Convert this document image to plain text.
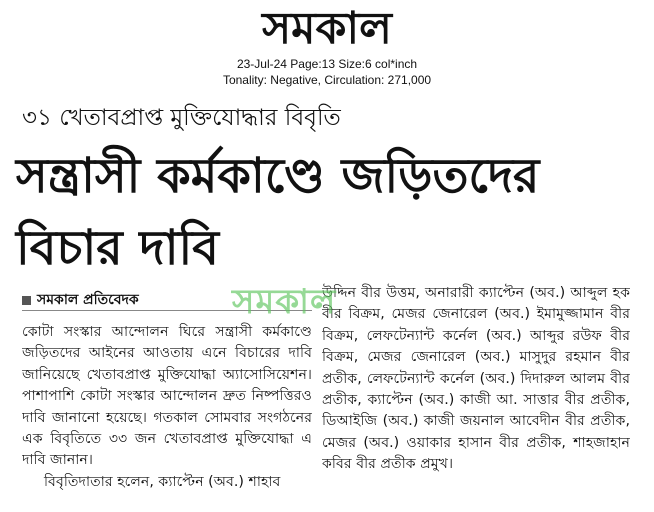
সমকাল
23-Jul-24 Page:13 Size:6 col*inch
Tonality: Negative, Circulation: 271,000
৩১ খেতাবপ্রাপ্ত মুক্তিযোদ্ধার বিবৃতি
সন্ত্রাসী কর্মকাণ্ডে জড়িতদের বিচার দাবি
সমকাল প্রতিবেদক

কোটা সংস্কার আন্দোলন ঘিরে সন্ত্রাসী কর্মকাণ্ডে জড়িতদের আইনের আওতায় এনে বিচারের দাবি জানিয়েছে খেতাবপ্রাপ্ত মুক্তিযোদ্ধা অ্যাসোসিয়েশন। পাশাপাশি কোটা সংস্কার আন্দোলন দ্রুত নিষ্পত্তিরও দাবি জানানো হয়েছে। গতকাল সোমবার সংগঠনের এক বিবৃতিতে ৩৩ জন খেতাবপ্রাপ্ত মুক্তিযোদ্ধা এ দাবি জানান।

বিবৃতিদাতার হলেন, ক্যাপ্টেন (অব.) শাহাব

উদ্দিন বীর উত্তম, অনারারী ক্যাপ্টেন (অব.) আব্দুল হক বীর বিক্রম, মেজর জেনারেল (অব.) ইমামুজ্জামান বীর বিক্রম, লেফটেন্যান্ট কর্নেল (অব.) আব্দুর রউফ বীর বিক্রম, মেজর জেনারেল (অব.) মাসুদুর রহমান বীর প্রতীক, লেফটেন্যান্ট কর্নেল (অব.) দিদারুল আলম বীর প্রতীক, ক্যাপ্টেন (অব.) কাজী আ. সাত্তার বীর প্রতীক, ডিআইজি (অব.) কাজী জয়নাল আবেদীন বীর প্রতীক, মেজর (অব.) ওয়াকার হাসান বীর প্রতীক, শাহজাহান কবির বীর প্রতীক প্রমুখ।

সমকাল
